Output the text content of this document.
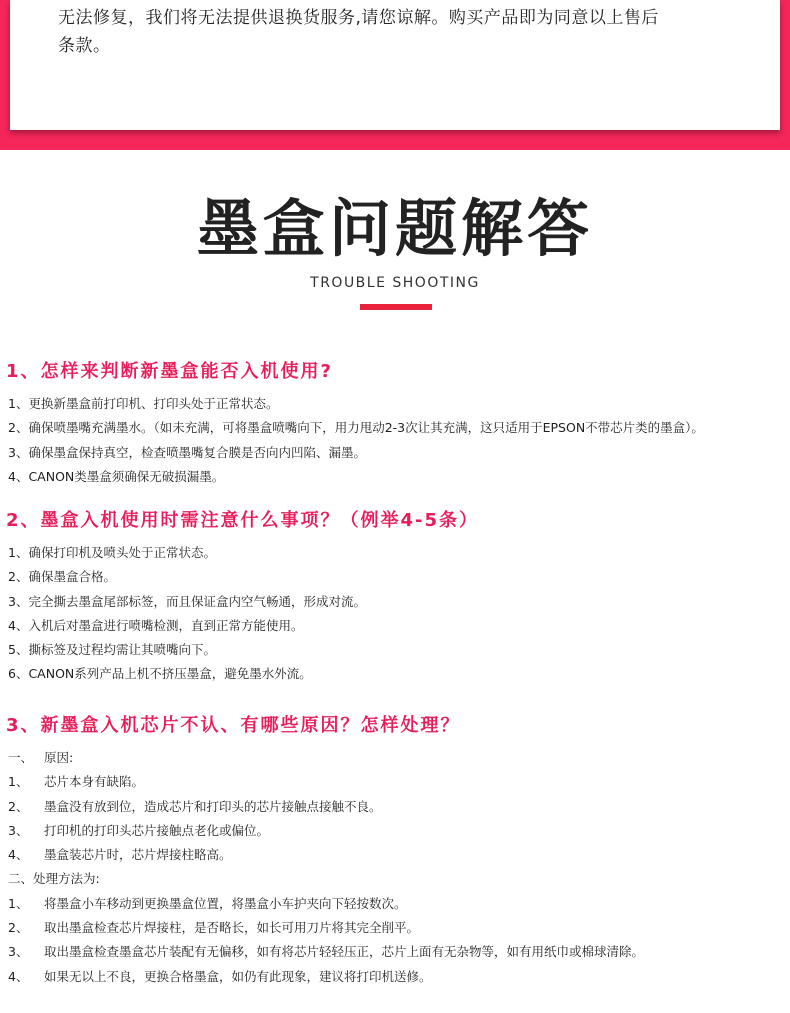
无法修复，我们将无法提供退换货服务,请您谅解。购买产品即为同意以上售后

条款。

墨盒问题解答
TROUBLE SHOOTING
1、怎样来判断新墨盒能否入机使用?
1、更换新墨盒前打印机、打印头处于正常状态。
2、确保喷墨嘴充满墨水。（如未充满，可将墨盒喷嘴向下，用力甩动2-3次让其充满，这只适用于EPSON不带芯片类的墨盒）。
3、确保墨盒保持真空，检查喷墨嘴复合膜是否向内凹陷、漏墨。
4、CANON类墨盒须确保无破损漏墨。
2、墨盒入机使用时需注意什么事项？（例举4-5条）
1、确保打印机及喷头处于正常状态。
2、确保墨盒合格。
3、完全撕去墨盒尾部标签，而且保证盒内空气畅通，形成对流。
4、入机后对墨盒进行喷嘴检测，直到正常方能使用。
5、撕标签及过程均需让其喷嘴向下。
6、CANON系列产品上机不挤压墨盒，避免墨水外流。
3、新墨盒入机芯片不认、有哪些原因？怎样处理？
一、 原因:
1、 芯片本身有缺陷。
2、 墨盒没有放到位，造成芯片和打印头的芯片接触点接触不良。
3、 打印机的打印头芯片接触点老化或偏位。
4、 墨盒装芯片时，芯片焊接柱略高。
二、处理方法为:
1、 将墨盒小车移动到更换墨盒位置，将墨盒小车护夹向下轻按数次。
2、 取出墨盒检查芯片焊接柱，是否略长，如长可用刀片将其完全削平。
3、 取出墨盒检查墨盒芯片装配有无偏移，如有将芯片轻轻压正，芯片上面有无杂物等，如有用纸巾或棉球清除。
4、 如果无以上不良，更换合格墨盒，如仍有此现象，建议将打印机送修。
